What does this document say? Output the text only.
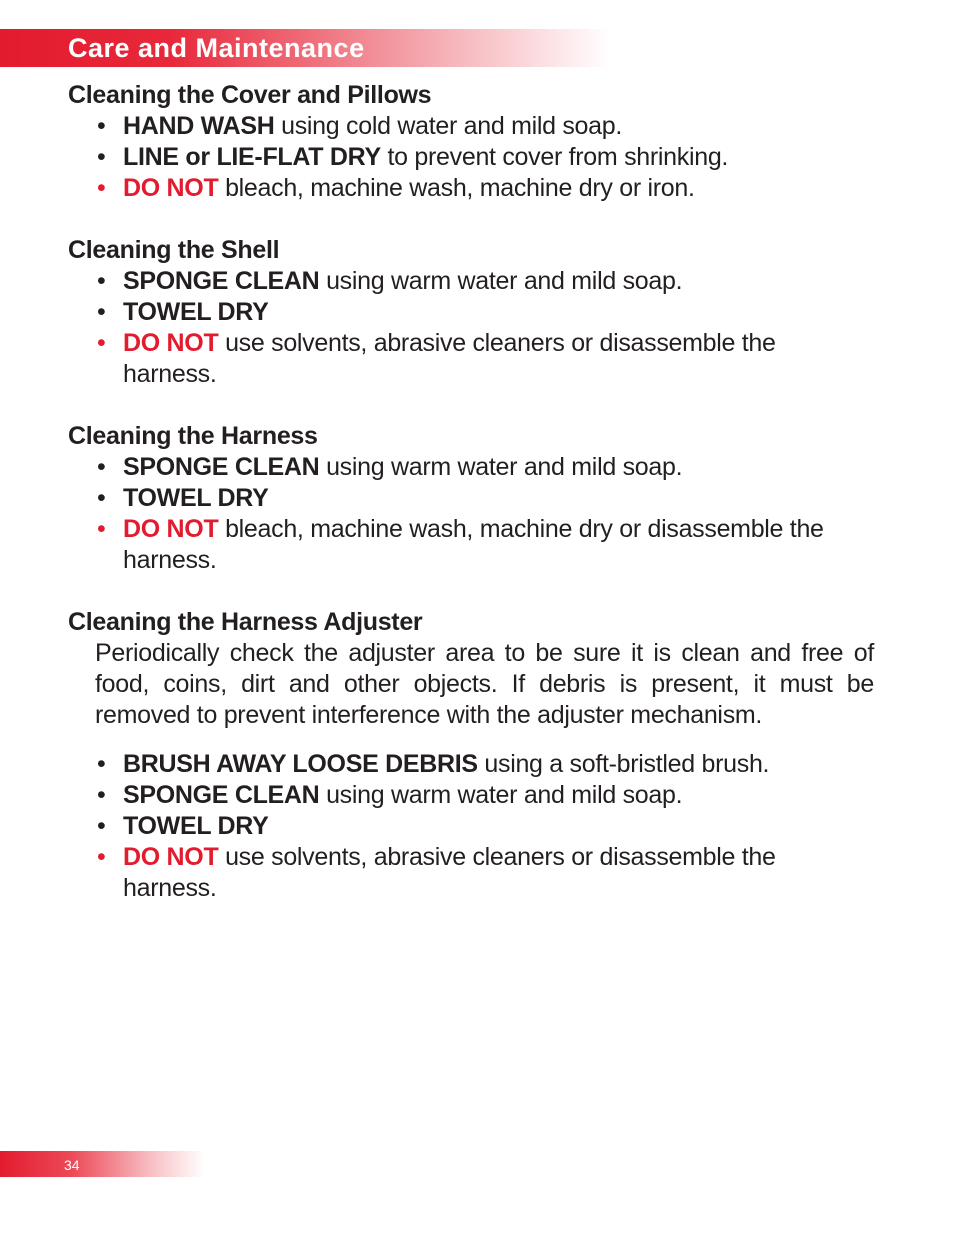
Care and Maintenance
Cleaning the Cover and Pillows
• HAND WASH using cold water and mild soap.
• LINE or LIE-FLAT DRY to prevent cover from shrinking.
• DO NOT bleach, machine wash, machine dry or iron.
Cleaning the Shell
• SPONGE CLEAN using warm water and mild soap.
• TOWEL DRY
• DO NOT use solvents, abrasive cleaners or disassemble the harness.
Cleaning the Harness
• SPONGE CLEAN using warm water and mild soap.
• TOWEL DRY
• DO NOT bleach, machine wash, machine dry or disassemble the harness.
Cleaning the Harness Adjuster
Periodically check the adjuster area to be sure it is clean and free of food, coins, dirt and other objects. If debris is present, it must be removed to prevent interference with the adjuster mechanism.
• BRUSH AWAY LOOSE DEBRIS using a soft-bristled brush.
• SPONGE CLEAN using warm water and mild soap.
• TOWEL DRY
• DO NOT use solvents, abrasive cleaners or disassemble the harness.
34
